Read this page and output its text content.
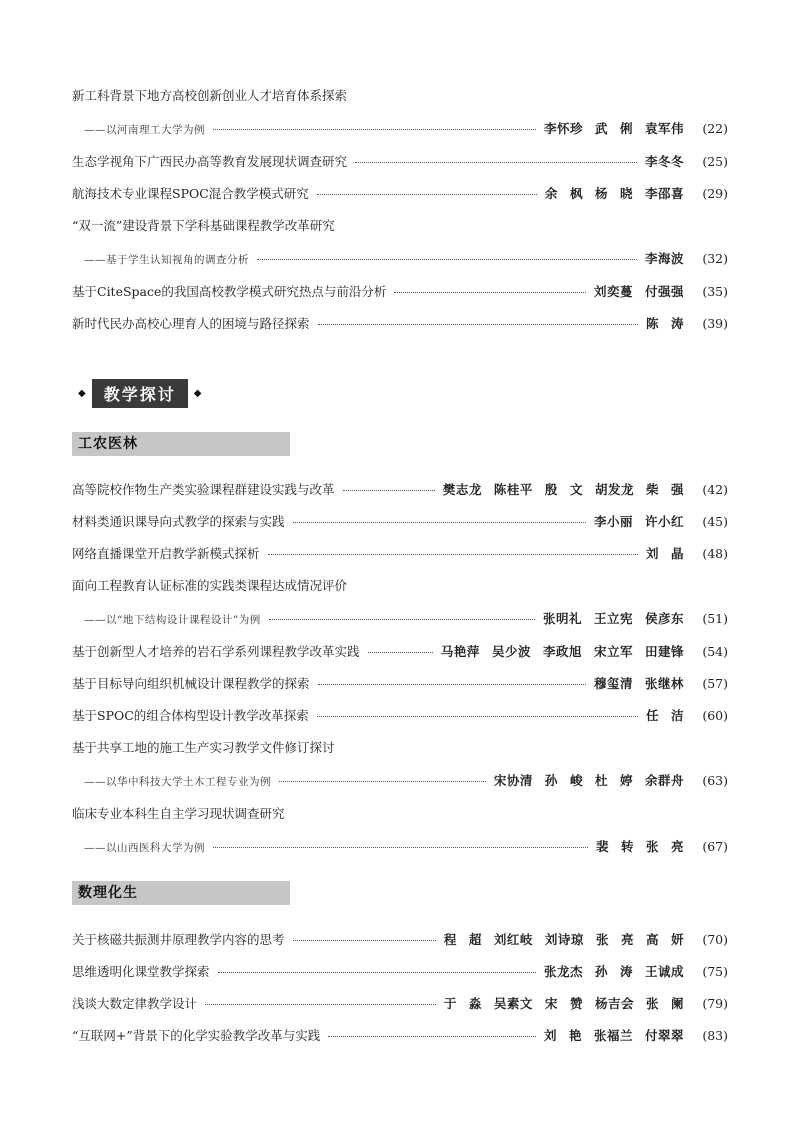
新工科背景下地方高校创新创业人才培育体系探索
——以河南理工大学为例	李怀珍 武 俐 袁军伟	(22)
生态学视角下广西民办高等教育发展现状调查研究	李冬冬	(25)
航海技术专业课程SPOC混合教学模式研究	余 枫 杨 晓 李邵喜	(29)
“双一流”建设背景下学科基础课程教学改革研究
——基于学生认知视角的调查分析	李海波	(32)
基于CiteSpace的我国高校教学模式研究热点与前沿分析	刘奕蔓 付强强	(35)
新时代民办高校心理育人的困境与路径探索	陈 涛	(39)
◆	教学探讨	◆
工农医林
高等院校作物生产类实验课程群建设实践与改革	樊志龙 陈桂平 殷 文 胡发龙 柴 强	(42)
材料类通识课导向式教学的探索与实践	李小丽 许小红	(45)
网络直播课堂开启教学新模式探析	刘 晶	(48)
面向工程教育认证标准的实践类课程达成情况评价
——以“地下结构设计课程设计”为例	张明礼 王立宪 侯彦东	(51)
基于创新型人才培养的岩石学系列课程教学改革实践	马艳萍 吴少波 李政旭 宋立军 田建锋	(54)
基于目标导向组织机械设计课程教学的探索	穆玺清 张继林	(57)
基于SPOC的组合体构型设计教学改革探索	任 洁	(60)
基于共享工地的施工生产实习教学文件修订探讨
——以华中科技大学土木工程专业为例	宋协清 孙 峻 杜 婷 余群舟	(63)
临床专业本科生自主学习现状调查研究
——以山西医科大学为例	裴 转 张 亮	(67)
数理化生
关于核磁共振测井原理教学内容的思考	程 超 刘红岐 刘诗琼 张 亮 高 妍	(70)
思维透明化课堂教学探索	张龙杰 孙 涛 王诚成	(75)
浅谈大数定律教学设计	于 淼 吴素文 宋 赞 杨吉会 张 阑	(79)
“互联网+”背景下的化学实验教学改革与实践	刘 艳 张福兰 付翠翠	(83)
